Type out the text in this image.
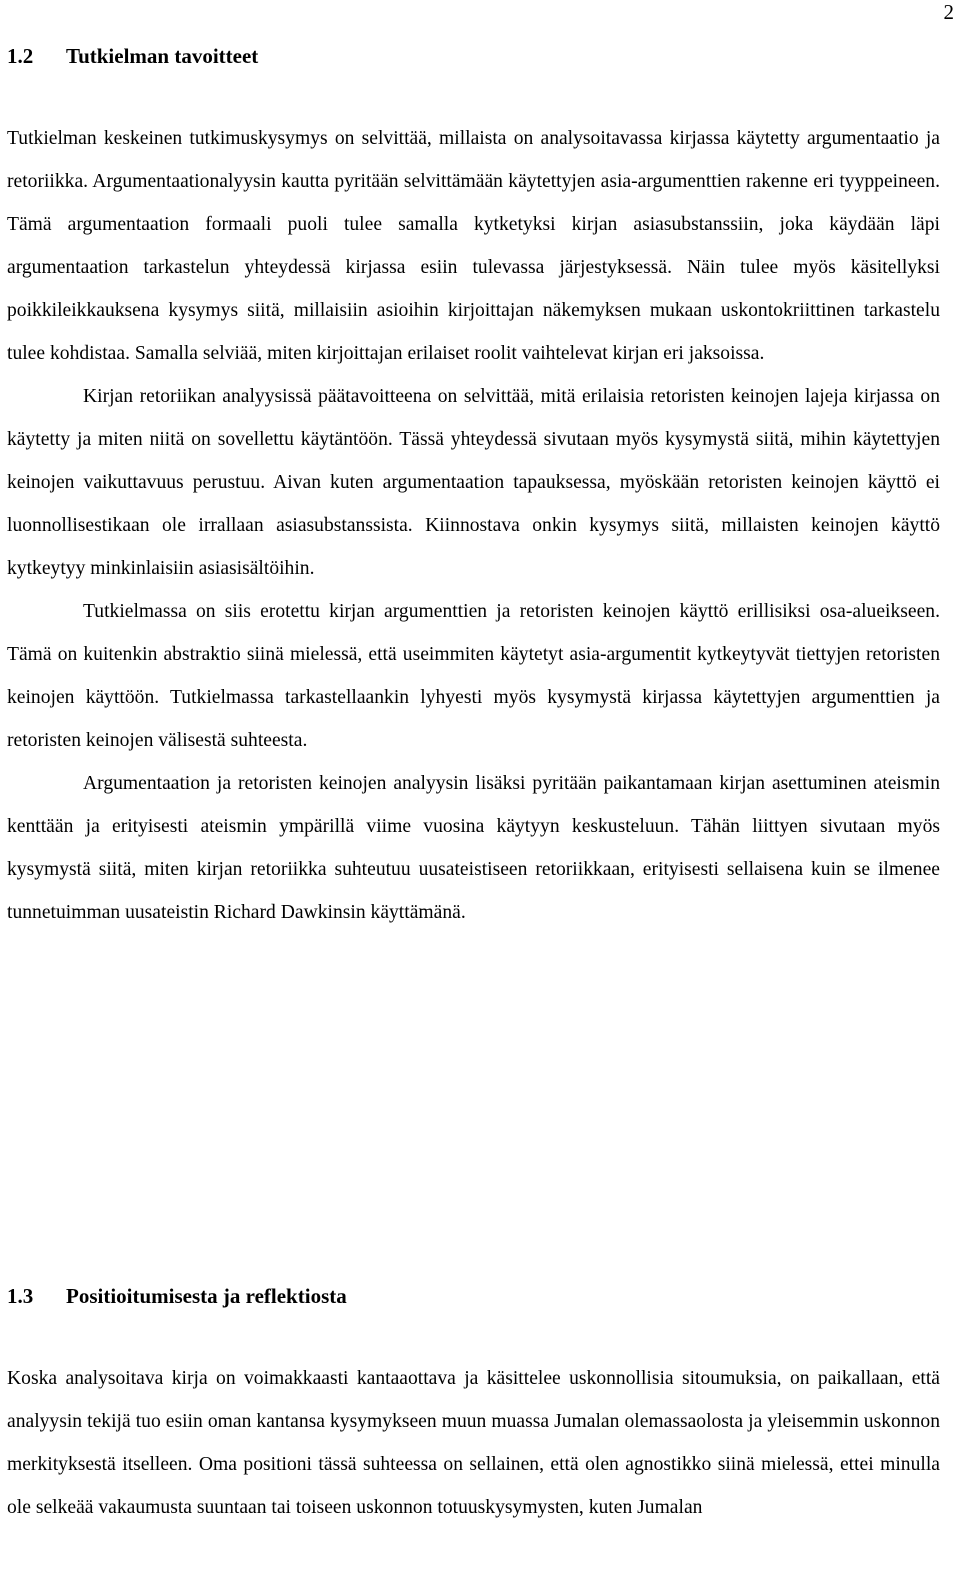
2
1.2 Tutkielman tavoitteet

Tutkielman keskeinen tutkimuskysymys on selvittää, millaista on analysoitavassa kirjassa käytetty argumentaatio ja retoriikka. Argumentaationalyysin kautta pyritään selvittämään käytettyjen asia-argumenttien rakenne eri tyyppeineen. Tämä argumentaation formaali puoli tulee samalla kytketyksi kirjan asiasubstanssiin, joka käydään läpi argumentaation tarkastelun yhteydessä kirjassa esiin tulevassa järjestyksessä. Näin tulee myös käsitellyksi poikkileikkauksena kysymys siitä, millaisiin asioihin kirjoittajan näkemyksen mukaan uskontokriittinen tarkastelu tulee kohdistaa. Samalla selviää, miten kirjoittajan erilaiset roolit vaihtelevat kirjan eri jaksoissa.

Kirjan retoriikan analyysissä päätavoitteena on selvittää, mitä erilaisia retoristen keinojen lajeja kirjassa on käytetty ja miten niitä on sovellettu käytäntöön. Tässä yhteydessä sivutaan myös kysymystä siitä, mihin käytettyjen keinojen vaikuttavuus perustuu. Aivan kuten argumentaation tapauksessa, myöskään retoristen keinojen käyttö ei luonnollisestikaan ole irrallaan asiasubstanssista. Kiinnostava onkin kysymys siitä, millaisten keinojen käyttö kytkeytyy minkinlaisiin asiasisältöihin.

Tutkielmassa on siis erotettu kirjan argumenttien ja retoristen keinojen käyttö erillisiksi osa-alueikseen. Tämä on kuitenkin abstraktio siinä mielessä, että useimmiten käytetyt asia-argumentit kytkeytyvät tiettyjen retoristen keinojen käyttöön. Tutkielmassa tarkastellaankin lyhyesti myös kysymystä kirjassa käytettyjen argumenttien ja retoristen keinojen välisestä suhteesta.

Argumentaation ja retoristen keinojen analyysin lisäksi pyritään paikantamaan kirjan asettuminen ateismin kenttään ja erityisesti ateismin ympärillä viime vuosina käytyyn keskusteluun. Tähän liittyen sivutaan myös kysymystä siitä, miten kirjan retoriikka suhteutuu uusateistiseen retoriikkaan, erityisesti sellaisena kuin se ilmenee tunnetuimman uusateistin Richard Dawkinsin käyttämänä.

1.3 Positioitumisesta ja reflektiosta

Koska analysoitava kirja on voimakkaasti kantaaottava ja käsittelee uskonnollisia sitoumuksia, on paikallaan, että analyysin tekijä tuo esiin oman kantansa kysymykseen muun muassa Jumalan olemassaolosta ja yleisemmin uskonnon merkityksestä itselleen. Oma positioni tässä suhteessa on sellainen, että olen agnostikko siinä mielessä, ettei minulla ole selkeää vakaumusta suuntaan tai toiseen uskonnon totuuskysymysten, kuten Jumalan
